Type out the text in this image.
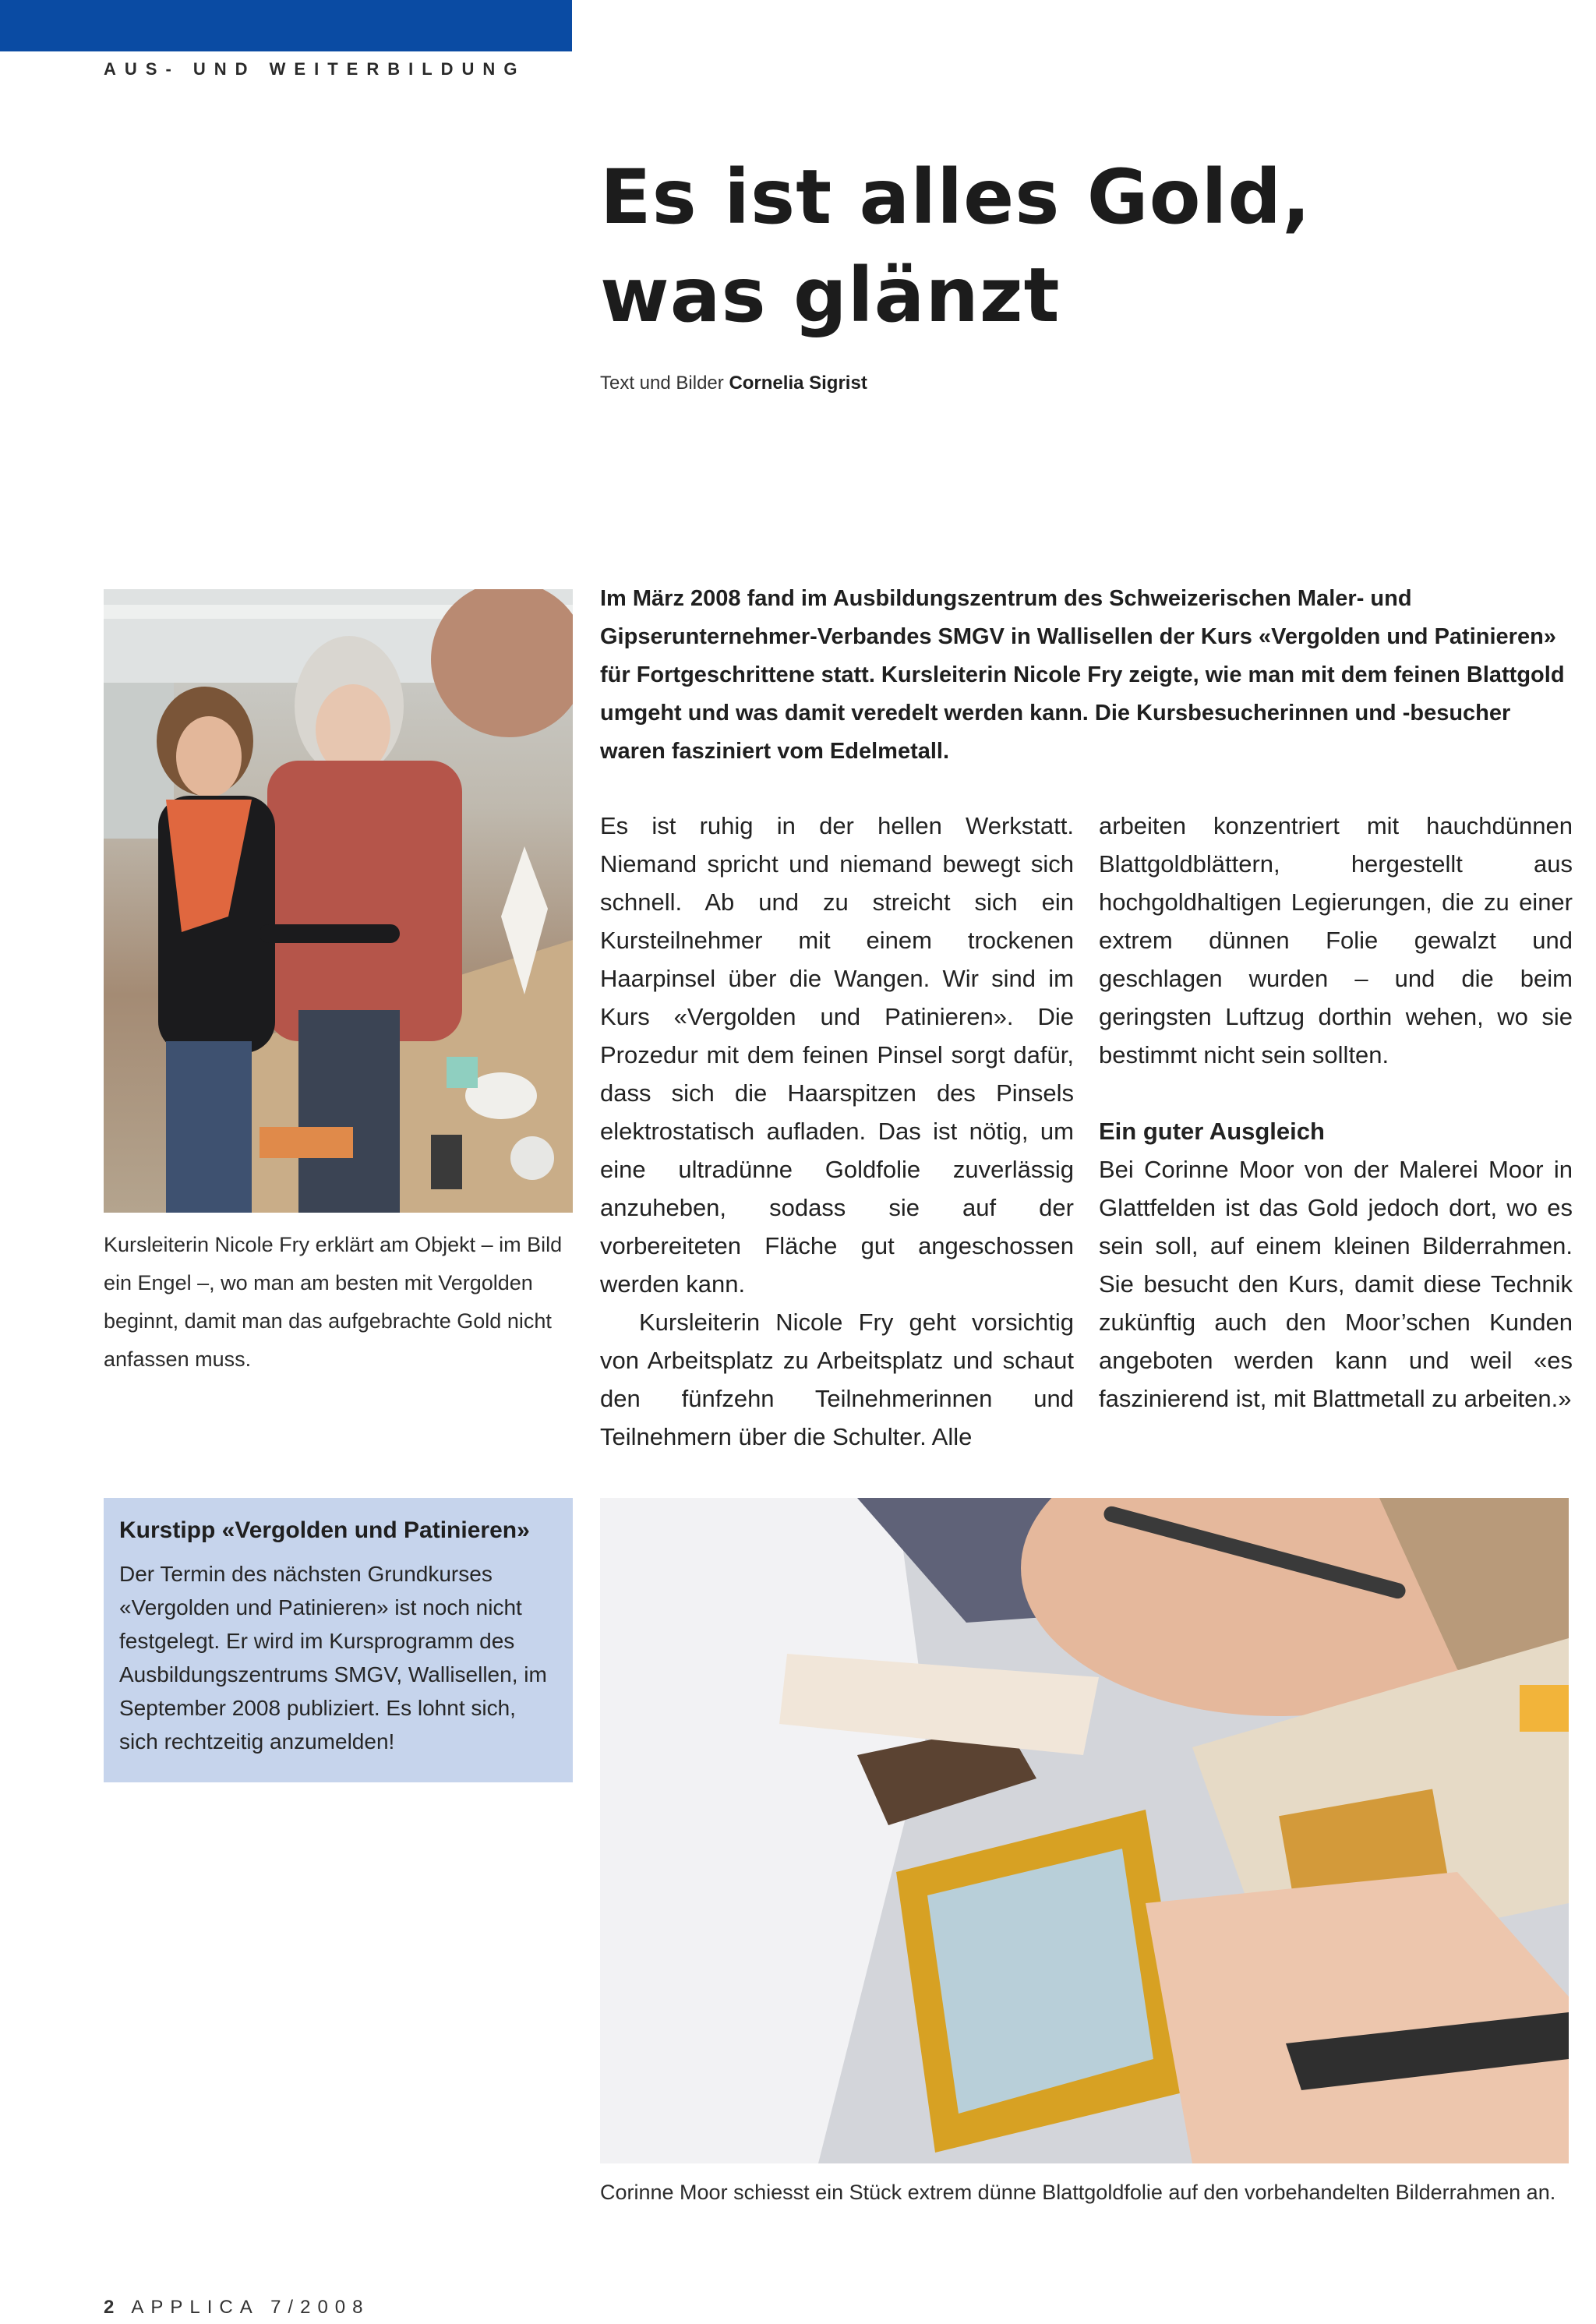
AUS- UND WEITERBILDUNG
Es ist alles Gold,
was glänzt
Text und Bilder Cornelia Sigrist

Kursleiterin Nicole Fry erklärt am Objekt – im Bild ein Engel –, wo man am besten mit Vergolden beginnt, damit man das aufgebrachte Gold nicht anfassen muss.

Im März 2008 fand im Ausbildungszentrum des Schweizerischen Maler- und Gipserunternehmer-Verbandes SMGV in Wallisellen der Kurs «Vergolden und Patinieren» für Fortgeschrittene statt. Kursleiterin Nicole Fry zeigte, wie man mit dem feinen Blattgold umgeht und was damit veredelt werden kann. Die Kursbesucherinnen und -besucher waren fasziniert vom Edelmetall.

Es ist ruhig in der hellen Werkstatt. Niemand spricht und niemand bewegt sich schnell. Ab und zu streicht sich ein Kursteilnehmer mit einem trockenen Haarpinsel über die Wangen. Wir sind im Kurs «Vergolden und Patinieren». Die Prozedur mit dem feinen Pinsel sorgt dafür, dass sich die Haarspitzen des Pinsels elektrostatisch aufladen. Das ist nötig, um eine ultradünne Goldfolie zuverlässig anzuheben, sodass sie auf der vorbereiteten Fläche gut angeschossen werden kann.

Kursleiterin Nicole Fry geht vorsichtig von Arbeitsplatz zu Arbeitsplatz und schaut den fünfzehn Teilnehmerinnen und Teilnehmern über die Schulter. Alle

arbeiten konzentriert mit hauchdünnen Blattgoldblättern, hergestellt aus hochgoldhaltigen Legierungen, die zu einer extrem dünnen Folie gewalzt und geschlagen wurden – und die beim geringsten Luftzug dorthin wehen, wo sie bestimmt nicht sein sollten.

Ein guter Ausgleich

Bei Corinne Moor von der Malerei Moor in Glattfelden ist das Gold jedoch dort, wo es sein soll, auf einem kleinen Bilderrahmen. Sie besucht den Kurs, damit diese Technik zukünftig auch den Moor’schen Kunden angeboten werden kann und weil «es faszinierend ist, mit Blattmetall zu arbeiten.»

Kurstipp «Vergolden und Patinieren»

Der Termin des nächsten Grundkurses «Vergolden und Patinieren» ist noch nicht festgelegt. Er wird im Kursprogramm des Ausbildungszentrums SMGV, Wallisellen, im September 2008 publiziert. Es lohnt sich, sich rechtzeitig anzumelden!

Corinne Moor schiesst ein Stück extrem dünne Blattgoldfolie auf den vorbehandelten Bilderrahmen an.

2 APPLICA 7/2008
